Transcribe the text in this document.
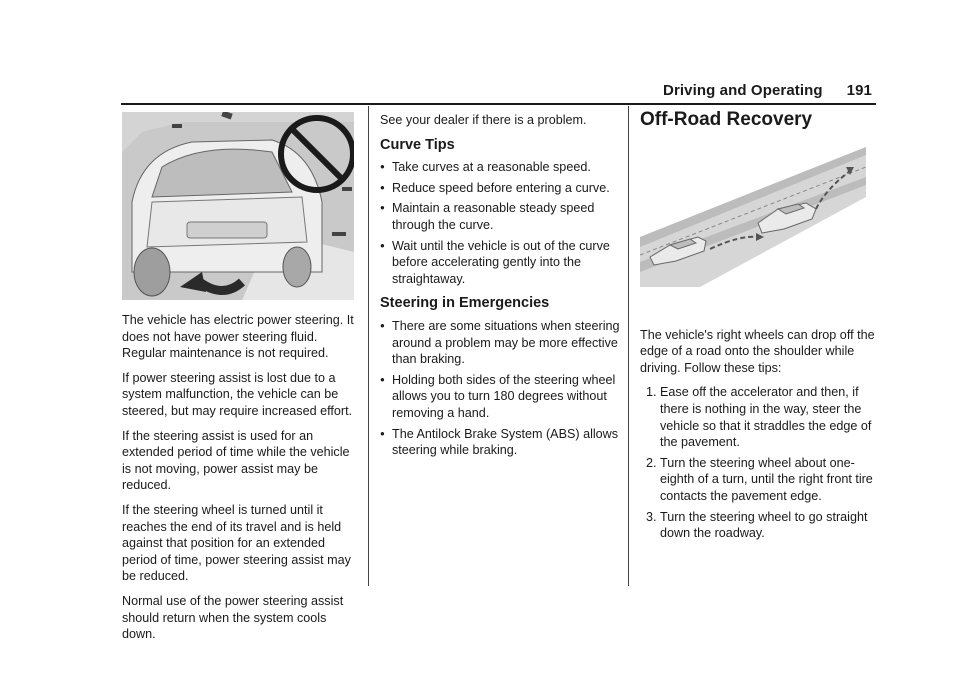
Driving and Operating 191

The vehicle has electric power steering. It does not have power steering fluid. Regular maintenance is not required.

If power steering assist is lost due to a system malfunction, the vehicle can be steered, but may require increased effort.

If the steering assist is used for an extended period of time while the vehicle is not moving, power assist may be reduced.

If the steering wheel is turned until it reaches the end of its travel and is held against that position for an extended period of time, power steering assist may be reduced.

Normal use of the power steering assist should return when the system cools down.

See your dealer if there is a problem.

Curve Tips
● Take curves at a reasonable speed.
● Reduce speed before entering a curve.
● Maintain a reasonable steady speed through the curve.
● Wait until the vehicle is out of the curve before accelerating gently into the straightaway.
Steering in Emergencies
● There are some situations when steering around a problem may be more effective than braking.
● Holding both sides of the steering wheel allows you to turn 180 degrees without removing a hand.
● The Antilock Brake System (ABS) allows steering while braking.
Off-Road Recovery

The vehicle's right wheels can drop off the edge of a road onto the shoulder while driving. Follow these tips:

1. Ease off the accelerator and then, if there is nothing in the way, steer the vehicle so that it straddles the edge of the pavement.
2. Turn the steering wheel about one-eighth of a turn, until the right front tire contacts the pavement edge.
3. Turn the steering wheel to go straight down the roadway.
